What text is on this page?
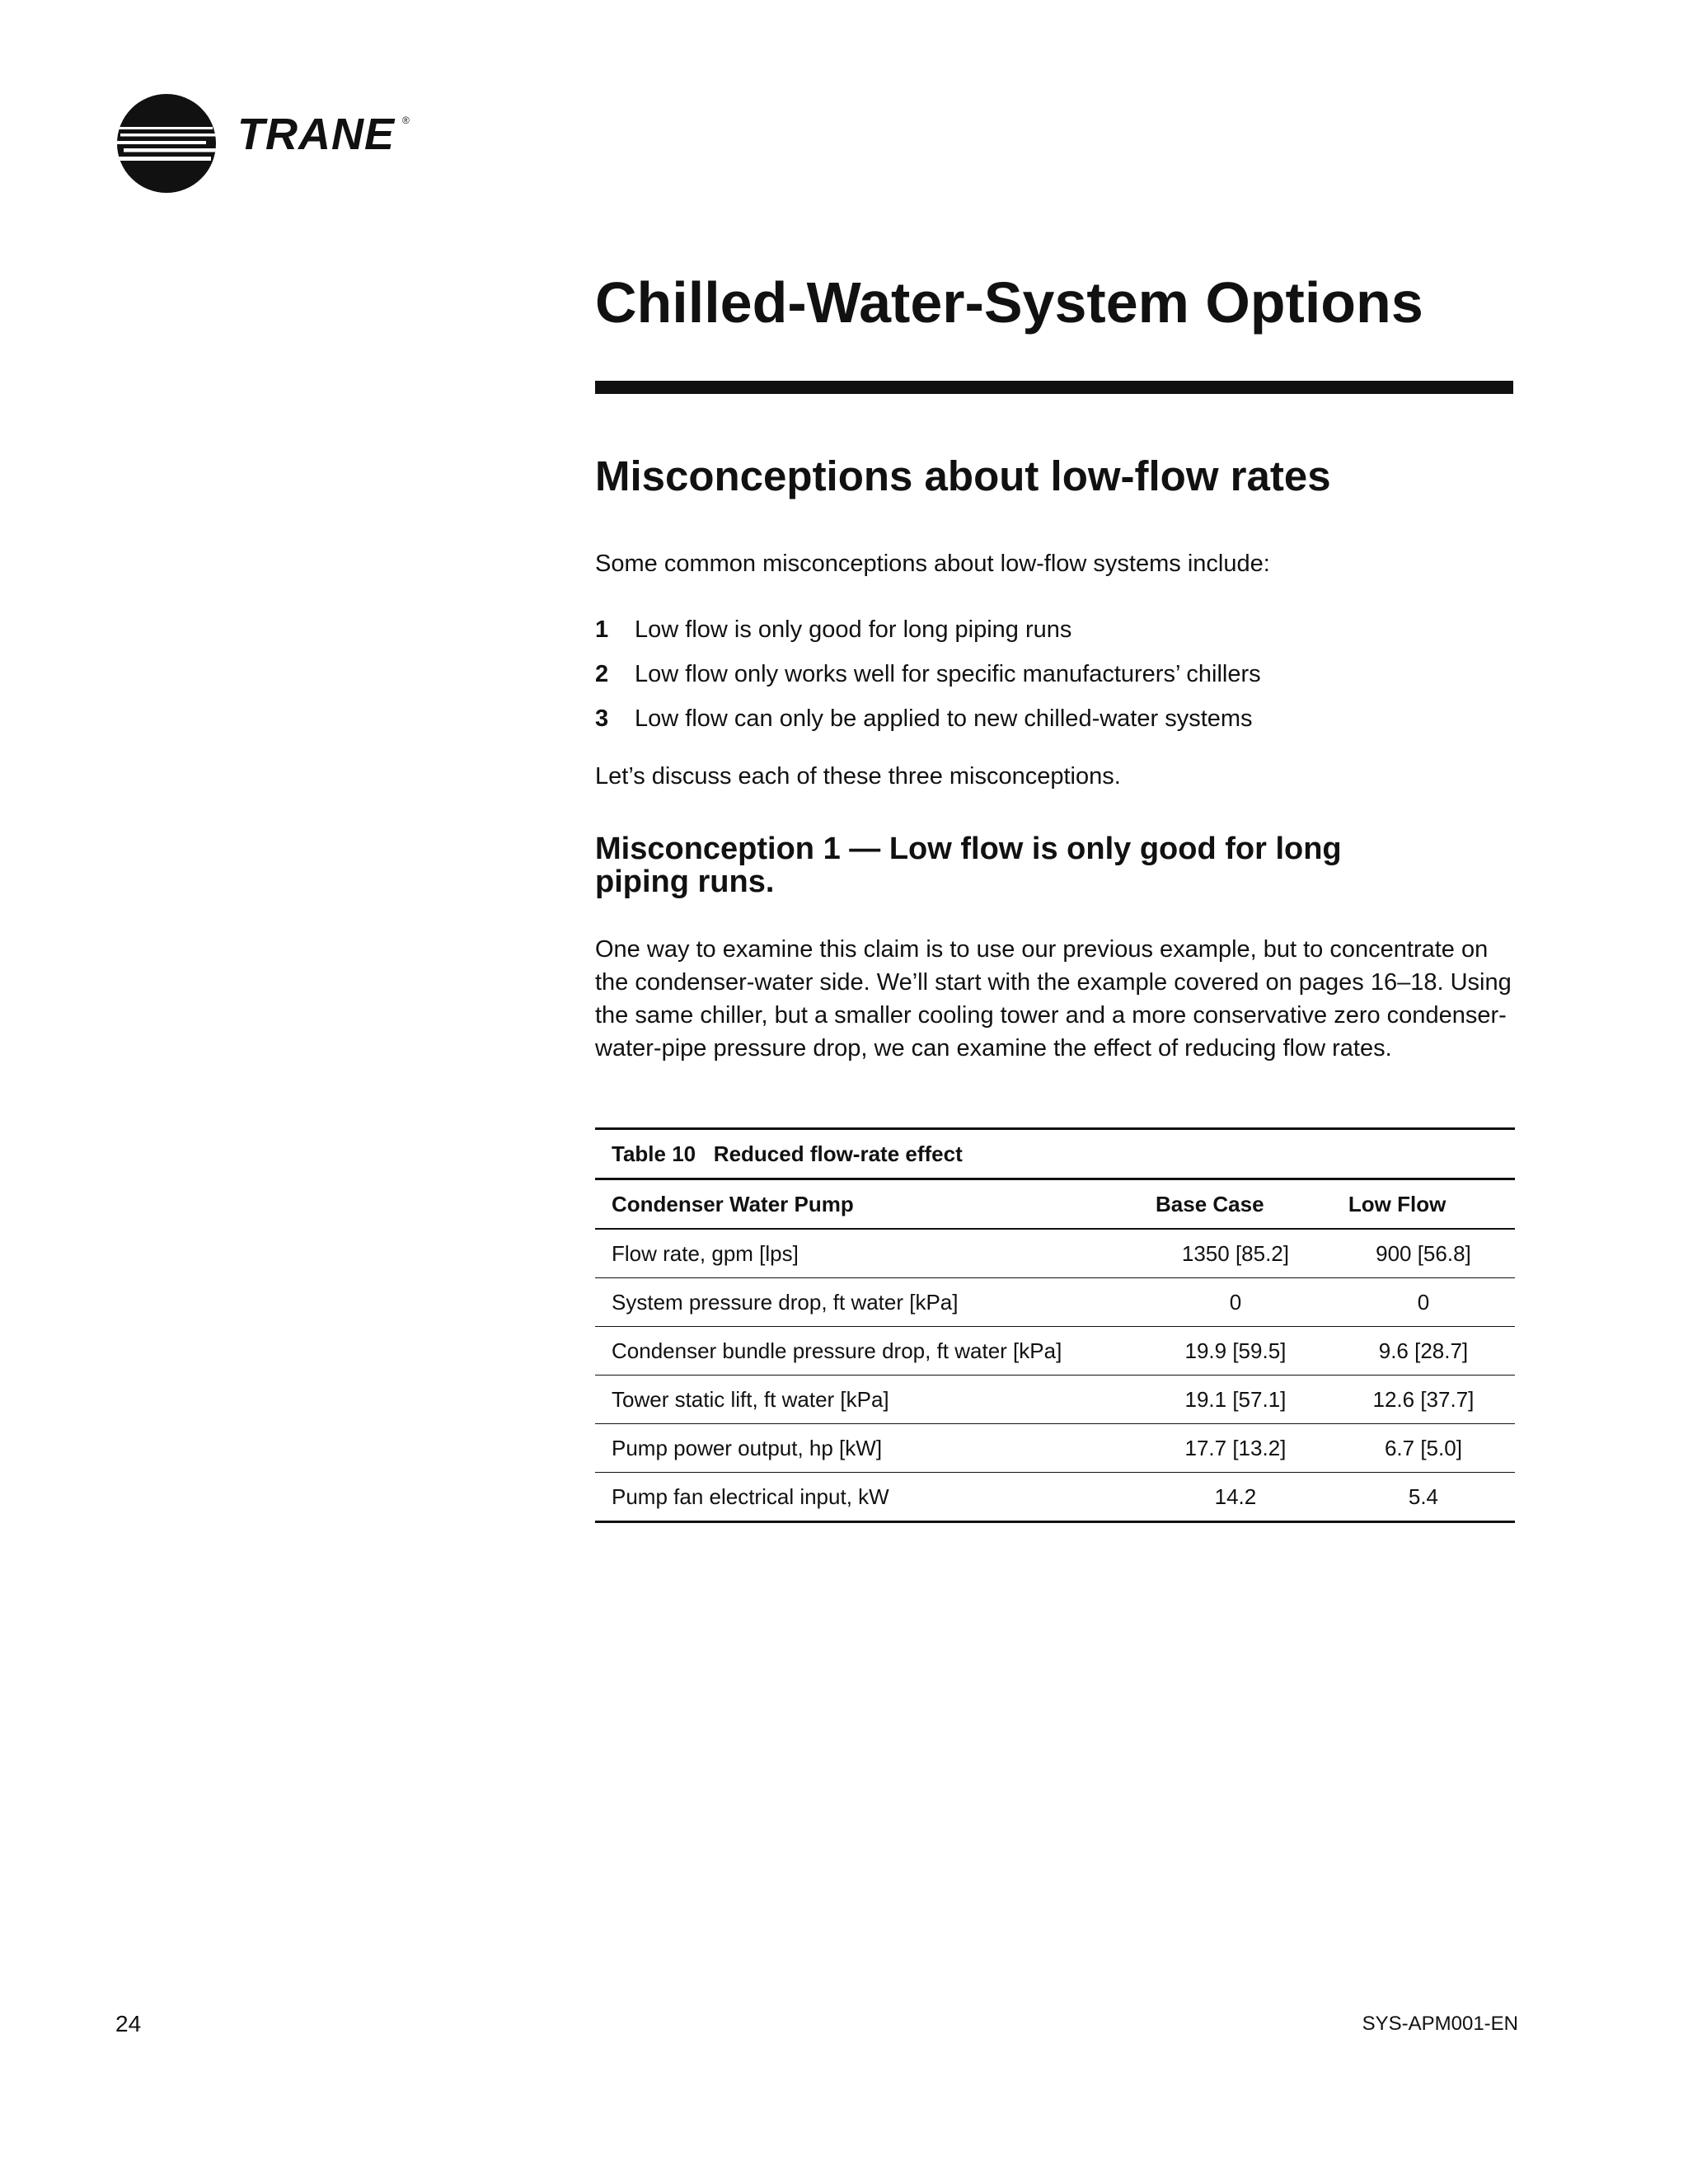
TRANE ®
Chilled-Water-System Options
Misconceptions about low-flow rates

Some common misconceptions about low-flow systems include:

1 Low flow is only good for long piping runs
2 Low flow only works well for specific manufacturers’ chillers
3 Low flow can only be applied to new chilled-water systems

Let’s discuss each of these three misconceptions.

Misconception 1 — Low flow is only good for long piping runs.

One way to examine this claim is to use our previous example, but to concentrate on the condenser-water side. We’ll start with the example covered on pages 16–18. Using the same chiller, but a smaller cooling tower and a more conservative zero condenser-water-pipe pressure drop, we can examine the effect of reducing flow rates.

Table 10   Reduced flow-rate effect		
Condenser Water Pump	Base Case	Low Flow
Flow rate, gpm [lps]	1350 [85.2]	900 [56.8]
System pressure drop, ft water [kPa]	0	0
Condenser bundle pressure drop, ft water [kPa]	19.9 [59.5]	9.6 [28.7]
Tower static lift, ft water [kPa]	19.1 [57.1]	12.6 [37.7]
Pump power output, hp [kW]	17.7 [13.2]	6.7 [5.0]
Pump fan electrical input, kW	14.2	5.4
24	SYS-APM001-EN
